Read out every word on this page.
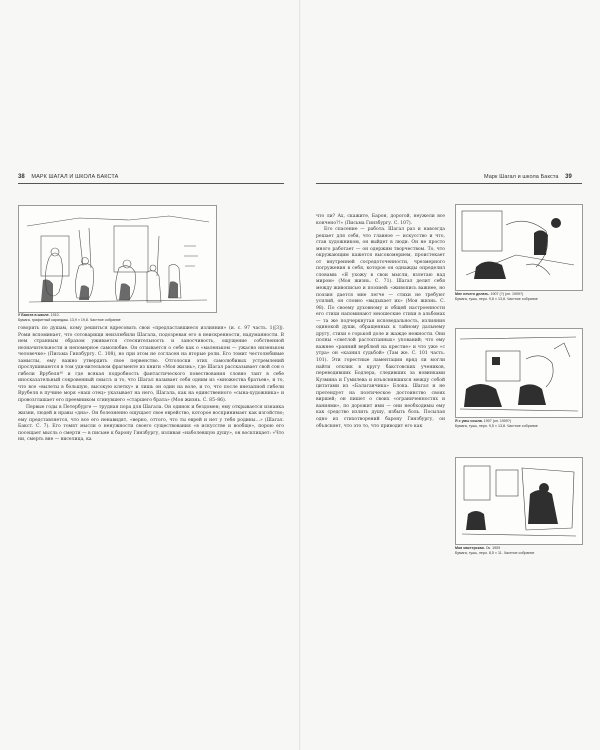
38 МАРК ШАГАЛ И ШКОЛА БАКСТА	Марк Шагал и школа Бакста 39
У Бакста в школе. 1910.
Бумага, графитный карандаш. 13,9 × 19,8. Частное собрание

говорить по душам, кому решиться вдресовать свои «предластавшиеся излияния» (и. с. 97 часть. 1)[3]). Роми вспоминает, что сотоварищи неизлюбили Шагала, подозревая его в неискренности, надуманности. В нем странным образом уживается стеснительность и заносчивость, ощущение собственной незначительности и непомерное самолюбие. Он отзывается о себе как о «маленьком — ужасно низеньком человечке» (Письма Гинзбургу. С. 108), но при этом не согласен на вторые роли. Его томит честолюбивые замыслы, ему важно утвердить свое первенство. Отголоски этих самолюбивых устремлений прослушиваются в том уди-вительном фрагменте из книги «Моя жизнь», где Шагал рассказывает свой сон о гибели Врубеля¹⁰ и где всякая подробность фантастического повествования словно таит в себе иносказательный сокровенный смысл: и то, что Шагал называет себя одним из «множества братьев», и то, что все «вылеты в большую, высокую клетку» и лишь он один на воле, и то, что после внезапной гибели Врубеля в пучине моря «наш отец» указывает на него, Шагала, как на единственного «сына-художника» и провозглашает его преемником сгинувшего «старшего брата» (Моя жизнь. С. 85–86).

Первые годы в Петербурге — трудная пора для Шагала. Он одинок и бездомен; ему открывается изнанка жизни, людей и нравы «дна». Он болезненно ощущает свое еврейство, которое воспринимает как изгойство; ему представляется, что все его ненавидят, «верно, оттого, что ты еврей и нет у тебя родины…» (Шагал. Бакст. С. 7). Его томят мысли о ненужности своего существования «в искусстве и вообще», порою его посещает мысль о смерти — в письме к барону Гинзбургу, изливая «наболевшую душу», он восклицает: «Что ни, смерть вне — виселица, ка

что ли? Ах, скажите, Барон, дорогой, неужели все кончено?!» (Письма Гинзбургу. С. 107).

Его спасение — работа. Шагал раз и навсегда решает для себя, что главное — искусство и что, став художником, он выйдет в люди. Он не просто много работает — он одержим творчеством. То, что окружающим кажется высокомерием, проистекает от внутренней сосредоточенности, чрезмерного погружения в себя, которое он однажды определил словами: «Я ухожу в свои мысли, взлетаю над миром» (Моя жизнь. С. 71). Шагал делит себя между живописью и поэзией: «живопись важнее, но поэзия дается мне легче — стихи не требуют усилий, он словно «выдыхает их» (Моя жизнь. С. 98). По своему духовному и общей настроенности его стихи напоминают юношеские стихи в альбомах — та же подчеркнутая исповедальность, излияния одинокой души, обращенных к тайному дальнему другу, стихи о горькой доле и жажде нежности. Они полны «светлой растоптанных» упований; что ему важнее «ранний верблюй на крестие» и что уже «с утра» он «казнил судьбой» (Там же. С. 101 часть. 101). Эти горестные ламентации вряд ли могли найти отклик в кругу бакстовских учеников, переводивших Бодлера, следивших за новинками Кузмина и Гумилева и изъяснявшихся между собой цитатами из «Балаганчика» Блока. Шагал и не претендует на поэтическое достоинство своих виршей; он пишет о своих «ограниченностях и ваниями», по дорожит ими — они необходимы ему как средство излить душу, избыть боль. Посылая одно из стихотворений барону Гинзбургу, он объясняет, что это то, что приводит его как

Мне нечего делать. 1907 (?) (он. 1909?)
Бумага, тушь, перо. 9,8 × 13,8. Частное собрание
Я с умы сошла. 1907 (он. 1909?)
Бумага, тушь, перо. 9,5 × 13,8. Частное собрание
Моя мастерская. Ок. 1909
Бумага, тушь, перо. 8,5 × 11. Частное собрание
